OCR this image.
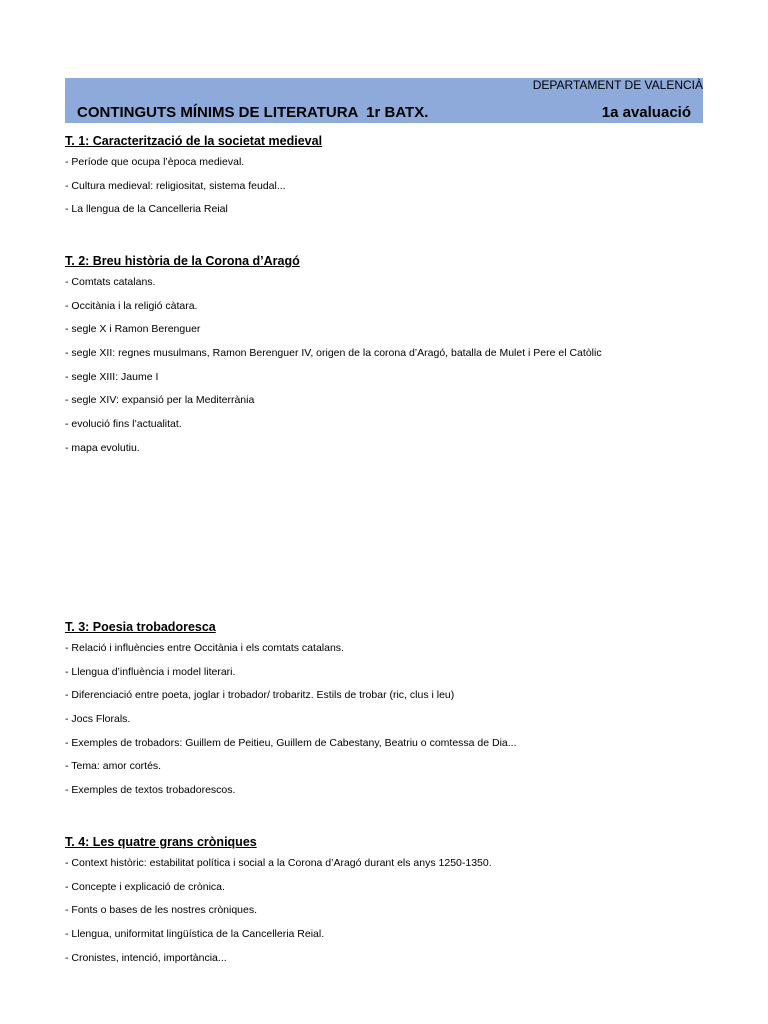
DEPARTAMENT DE VALENCIÀ
CONTINGUTS MÍNIMS DE LITERATURA  1r BATX.	1a avaluació

T. 1: Caracterització de la societat medieval

- Període que ocupa l’època medieval.
- Cultura medieval: religiositat, sistema feudal...
- La llengua de la Cancelleria Reial

T. 2: Breu història de la Corona d’Aragó

- Comtats catalans.
- Occitània i la religió càtara.
- segle X i Ramon Berenguer
- segle XII: regnes musulmans, Ramon Berenguer IV, origen de la corona d’Aragó, batalla de Mulet i Pere el Catòlic
- segle XIII: Jaume I
- segle XIV: expansió per la Mediterrània
- evolució fins l’actualitat.
- mapa evolutiu.

T. 3: Poesia trobadoresca

- Relació i influències entre Occitània i els comtats catalans.
- Llengua d’influència i model literari.
- Diferenciació entre poeta, joglar i trobador/ trobaritz. Estils de trobar (ric, clus i leu)
- Jocs Florals.
- Exemples de trobadors: Guillem de Peitieu, Guillem de Cabestany, Beatriu o comtessa de Dia...
- Tema: amor cortés.
- Exemples de textos trobadorescos.

T. 4: Les quatre grans cròniques

- Context històric: estabilitat política i social a la Corona d’Aragó durant els anys 1250-1350.
- Concepte i explicació de crònica.
- Fonts o bases de les nostres cròniques.
- Llengua, uniformitat lingüística de la Cancelleria Reial.
- Cronistes, intenció, importància...
